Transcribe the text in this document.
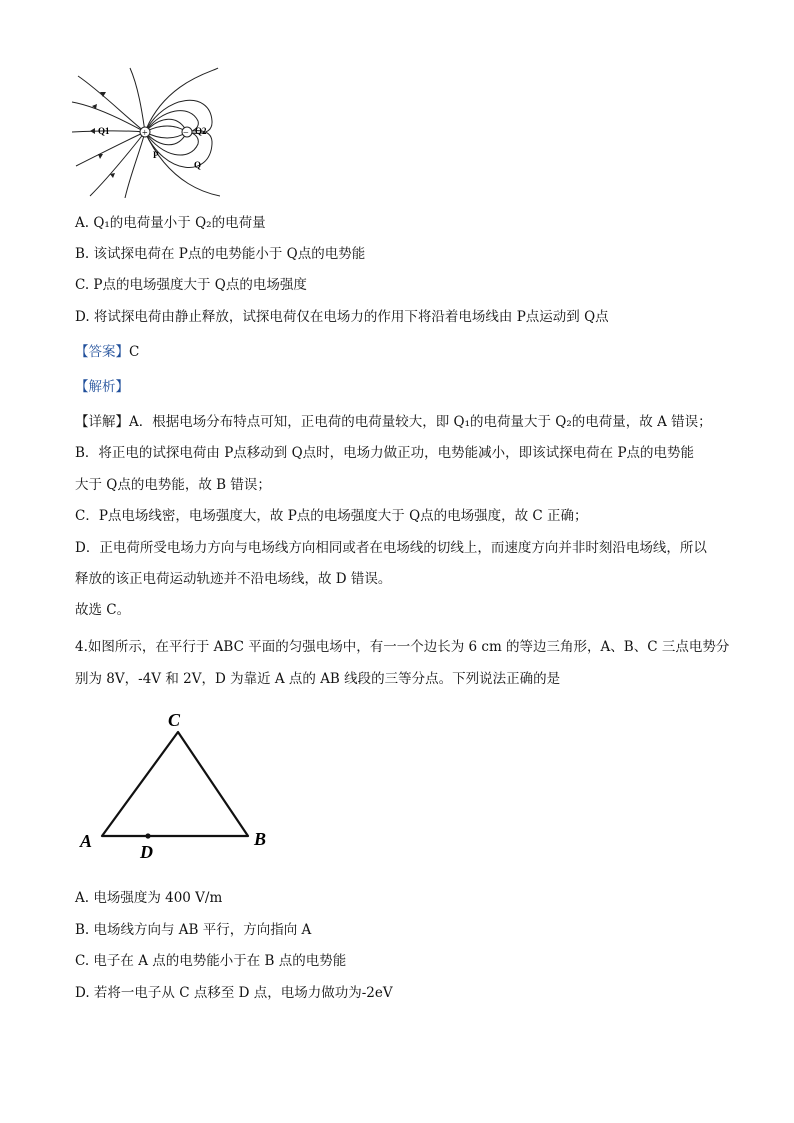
+	−
Q1	Q2
P
Q
A. Q₁的电荷量小于 Q₂的电荷量
B. 该试探电荷在 P点的电势能小于 Q点的电势能
C. P点的电场强度大于 Q点的电场强度
D. 将试探电荷由静止释放，试探电荷仅在电场力的作用下将沿着电场线由 P点运动到 Q点
【答案】C
【解析】
【详解】A．根据电场分布特点可知，正电荷的电荷量较大，即 Q₁的电荷量大于 Q₂的电荷量，故 A 错误；
B．将正电的试探电荷由 P点移动到 Q点时，电场力做正功，电势能减小，即该试探电荷在 P点的电势能
大于 Q点的电势能，故 B 错误；
C．P点电场线密，电场强度大，故 P点的电场强度大于 Q点的电场强度，故 C 正确；
D．正电荷所受电场力方向与电场线方向相同或者在电场线的切线上，而速度方向并非时刻沿电场线，所以
释放的该正电荷运动轨迹并不沿电场线，故 D 错误。
故选 C。
4.如图所示，在平行于 ABC 平面的匀强电场中，有一一个边长为 6 cm 的等边三角形，A、B、C 三点电势分
别为 8V，-4V 和 2V，D 为靠近 A 点的 AB 线段的三等分点。下列说法正确的是
C
A	B
D
A. 电场强度为 400 V/m
B. 电场线方向与 AB 平行，方向指向 A
C. 电子在 A 点的电势能小于在 B 点的电势能
D. 若将一电子从 C 点移至 D 点，电场力做功为-2eV
